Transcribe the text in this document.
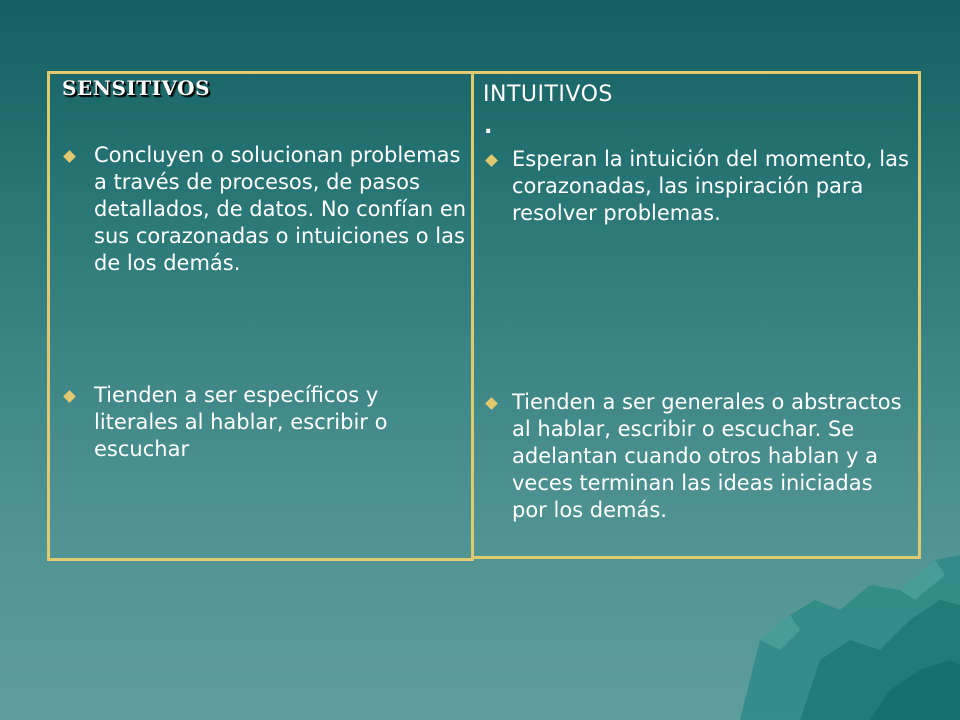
SENSITIVOS	INTUITIVOS
.
Concluyen o solucionan problemas a través de procesos, de pasos detallados, de datos. No confían en sus corazonadas o intuiciones o las de los demás.
Tienden a ser específicos y literales al hablar, escribir o escuchar
Esperan la intuición del momento, las corazonadas, las inspiración para resolver problemas.
Tienden a ser generales o abstractos al hablar, escribir o escuchar. Se adelantan cuando otros hablan y a veces terminan las ideas iniciadas por los demás.
